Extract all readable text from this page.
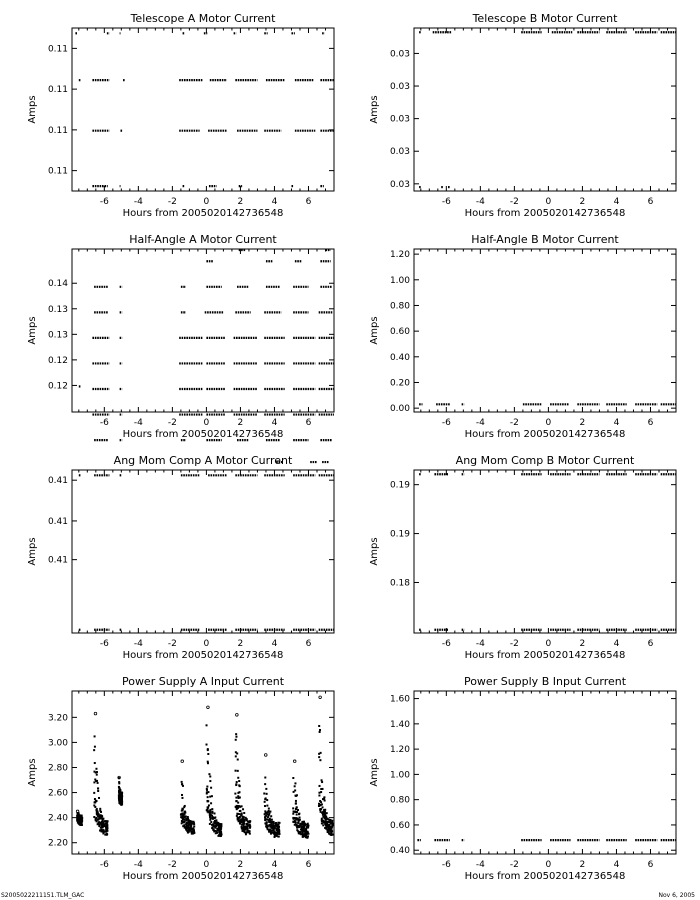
Telescope A Motor Current
-6	-4	-2	0	2	4	6
0.11
0.11
0.11
0.11
Hours from 2005020142736548
Amps
Telescope B Motor Current
-6	-4	-2	0	2	4	6
0.03
0.03
0.03
0.03
0.03
Hours from 2005020142736548
Amps
Half-Angle A Motor Current
-6	-4	-2	0	2	4	6
0.12
0.12
0.13
0.13
0.14
Hours from 2005020142736548
Amps
Half-Angle B Motor Current
-6	-4	-2	0	2	4	6
0.00
0.20
0.40
0.60
0.80
1.00
1.20
Hours from 2005020142736548
Amps
Ang Mom Comp A Motor Current
-6	-4	-2	0	2	4	6
0.41
0.41
0.41
Hours from 2005020142736548
Amps
Ang Mom Comp B Motor Current
-6	-4	-2	0	2	4	6
0.18
0.19
0.19
Hours from 2005020142736548
Amps
Power Supply A Input Current
-6	-4	-2	0	2	4	6
2.20
2.40
2.60
2.80
3.00
3.20
Hours from 2005020142736548
Amps
Power Supply B Input Current
-6	-4	-2	0	2	4	6
0.40
0.60
0.80
1.00
1.20
1.40
1.60
Hours from 2005020142736548
Amps
S2005022211151.TLM_GAC	Nov 6, 2005
